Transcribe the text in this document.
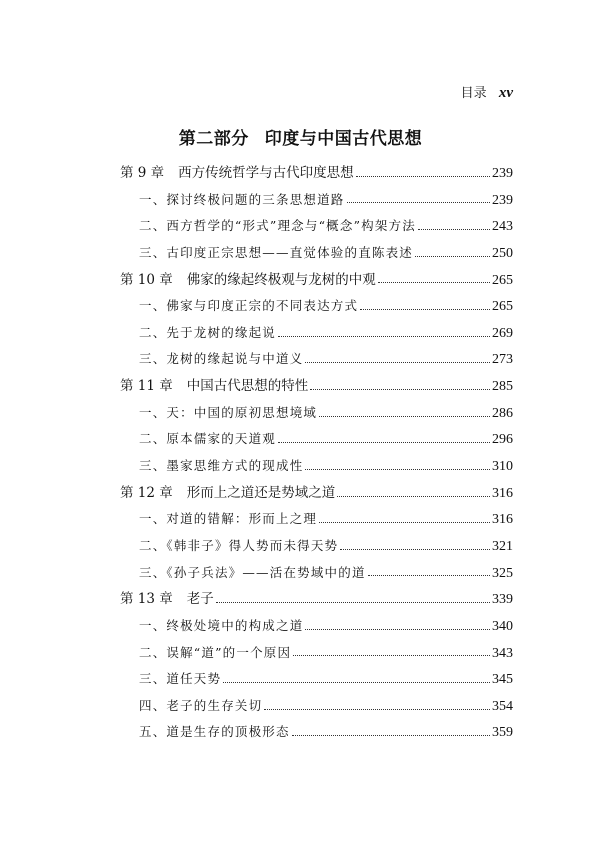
目录 xv
第二部分 印度与中国古代思想
第 9 章 西方传统哲学与古代印度思想	239
一、探讨终极问题的三条思想道路	239
二、西方哲学的“形式”理念与“概念”构架方法	243
三、古印度正宗思想——直觉体验的直陈表述	250
第 10 章 佛家的缘起终极观与龙树的中观	265
一、佛家与印度正宗的不同表达方式	265
二、先于龙树的缘起说	269
三、龙树的缘起说与中道义	273
第 11 章 中国古代思想的特性	285
一、天：中国的原初思想境域	286
二、原本儒家的天道观	296
三、墨家思维方式的现成性	310
第 12 章 形而上之道还是势域之道	316
一、对道的错解：形而上之理	316
二、《韩非子》得人势而未得天势	321
三、《孙子兵法》——活在势域中的道	325
第 13 章 老子	339
一、终极处境中的构成之道	340
二、误解“道”的一个原因	343
三、道任天势	345
四、老子的生存关切	354
五、道是生存的顶极形态	359
